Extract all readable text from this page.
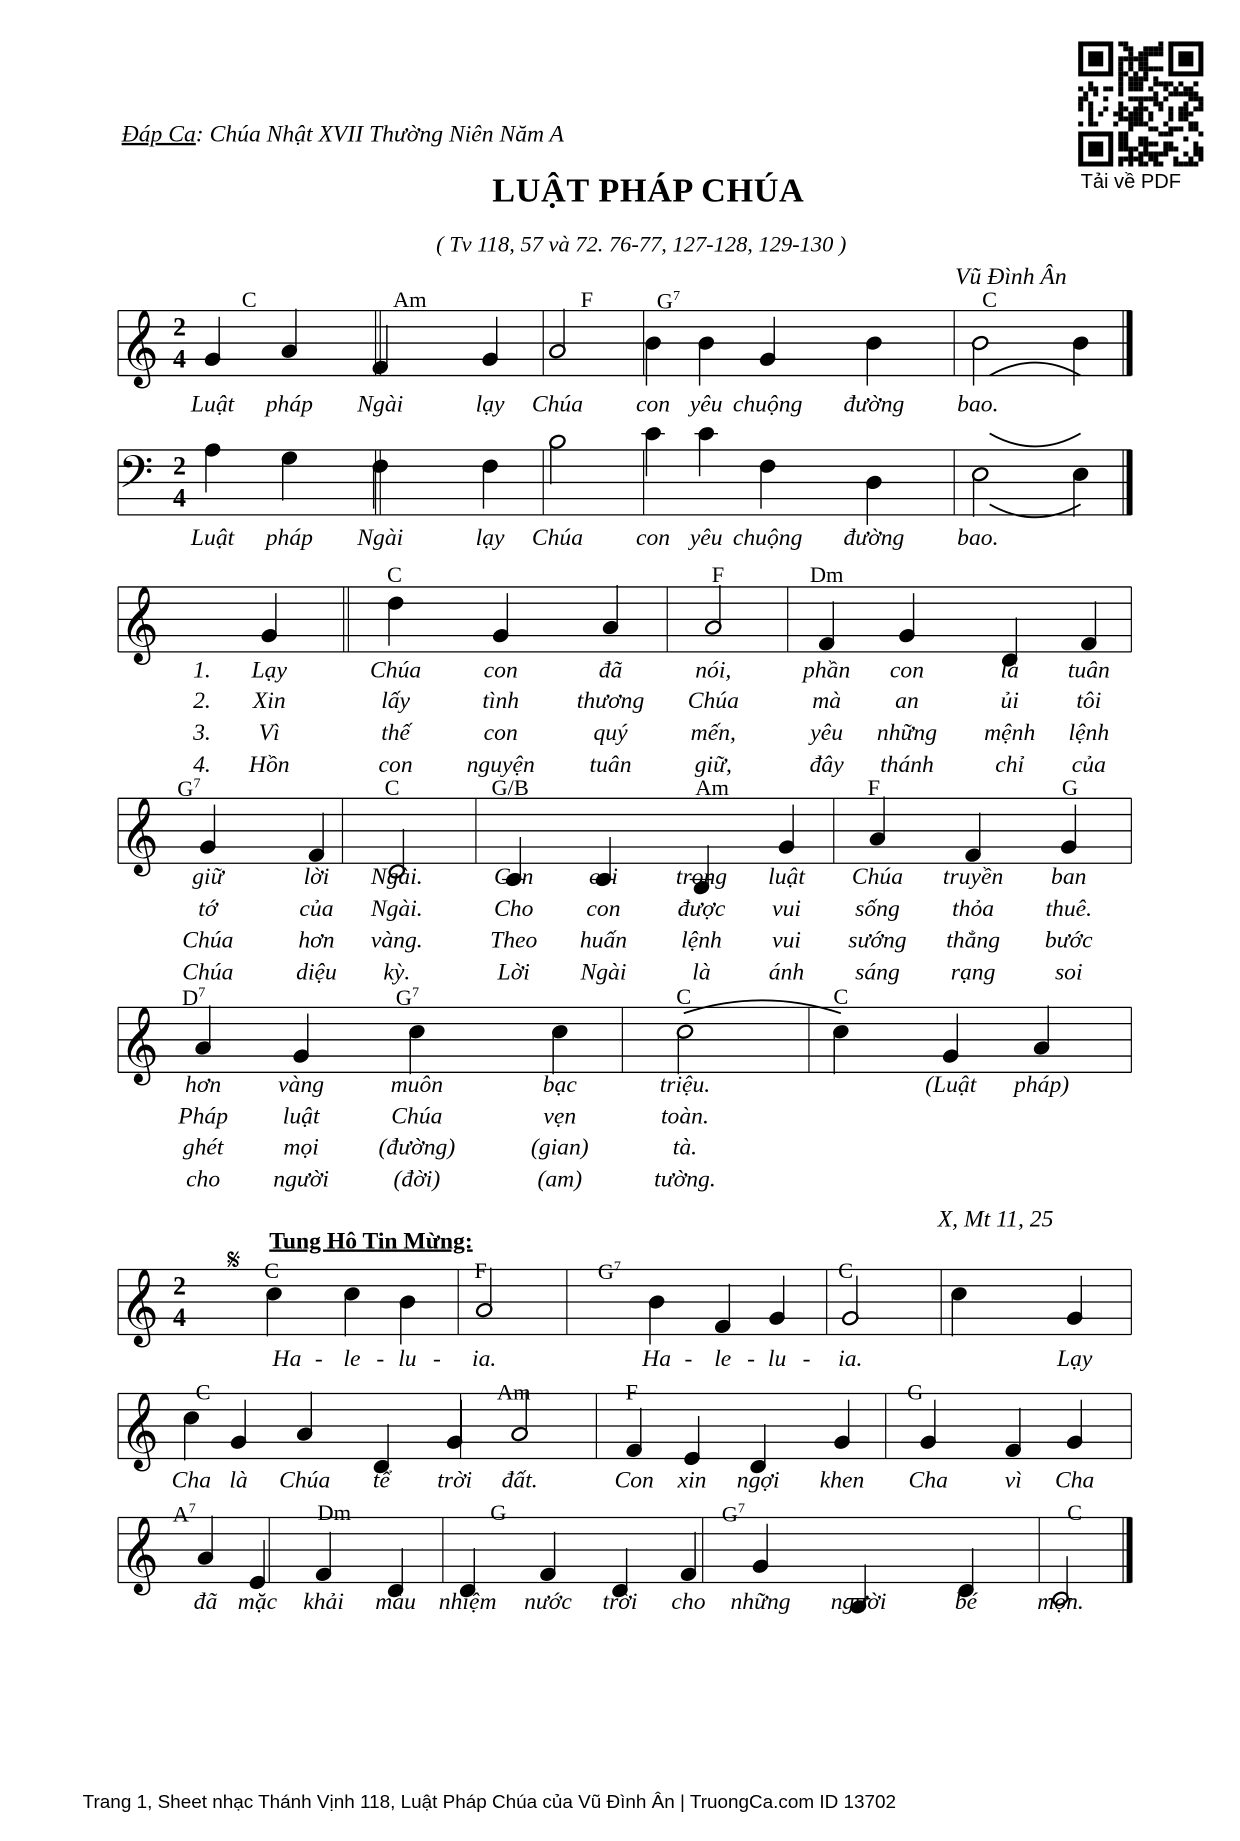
Tải về PDF
Đáp Ca: Chúa Nhật XVII Thường Niên Năm A
LUẬT PHÁP CHÚA
( Tv 118, 57 và 72. 76-77, 127-128, 129-130 )
Vũ Đình Ân
Tung Hô Tin Mừng:
X, Mt 11, 25
𝄋
Trang 1, Sheet nhạc Thánh Vịnh 118, Luật Pháp Chúa của Vũ Đình Ân | TruongCa.com ID 13702
𝄞 2
4
C	Am	F	$G^7$	C
Luật pháp Ngài	lạy Chúa	con yêu chuộng đường	bao.
𝄢 2
4
Luật pháp Ngài	lạy Chúa	con yêu chuộng đường	bao.
𝄞
C	F	Dm
1. Lạy	Chúa	con	đã	nói,	phần con	là tuân
2. Xin	lấy	tình	thương Chúa	mà	an	ủi	tôi
3. Vì	thế	con	quý	mến,	yêu những mệnh lệnh
4. Hồn	con	nguyện	tuân	giữ,	đây thánh	chỉ của
𝄞
$G^7$	C	G/B	Am	F	G
giữ	lời Ngài.	Con	coi	trọng luật Chúa truyền ban
tớ	của Ngài.	Cho	con	được vui	sống	thỏa	thuê.
Chúa	hơn vàng.	Theo huấn	lệnh	vui sướng thẳng bước
Chúa	diệu kỳ.	Lời	Ngài	là	ánh	sáng	rạng	soi
𝄞
$D^7$	$G^7$	C	C
hơn	vàng	muôn	bạc	triệu.	(Luật pháp)
Pháp	luật	Chúa	vẹn	toàn.
ghét	mọi	(đường)	(gian)	tà.
cho	người	(đời)	(am)	tường.
𝄞 2
4
C	F	$G^7$	C
Ha - le - lu - ia.	Ha - le - lu - ia.	Lạy
𝄞 C	Am	F	G
Cha là Chúa tể trời đất.	Con xin ngợi khen Cha	vì Cha
𝄞
$A^7$	Dm	G	$G^7$	C
đã mặc khải màu nhiệm nước trời cho những người	bé	mọn.
